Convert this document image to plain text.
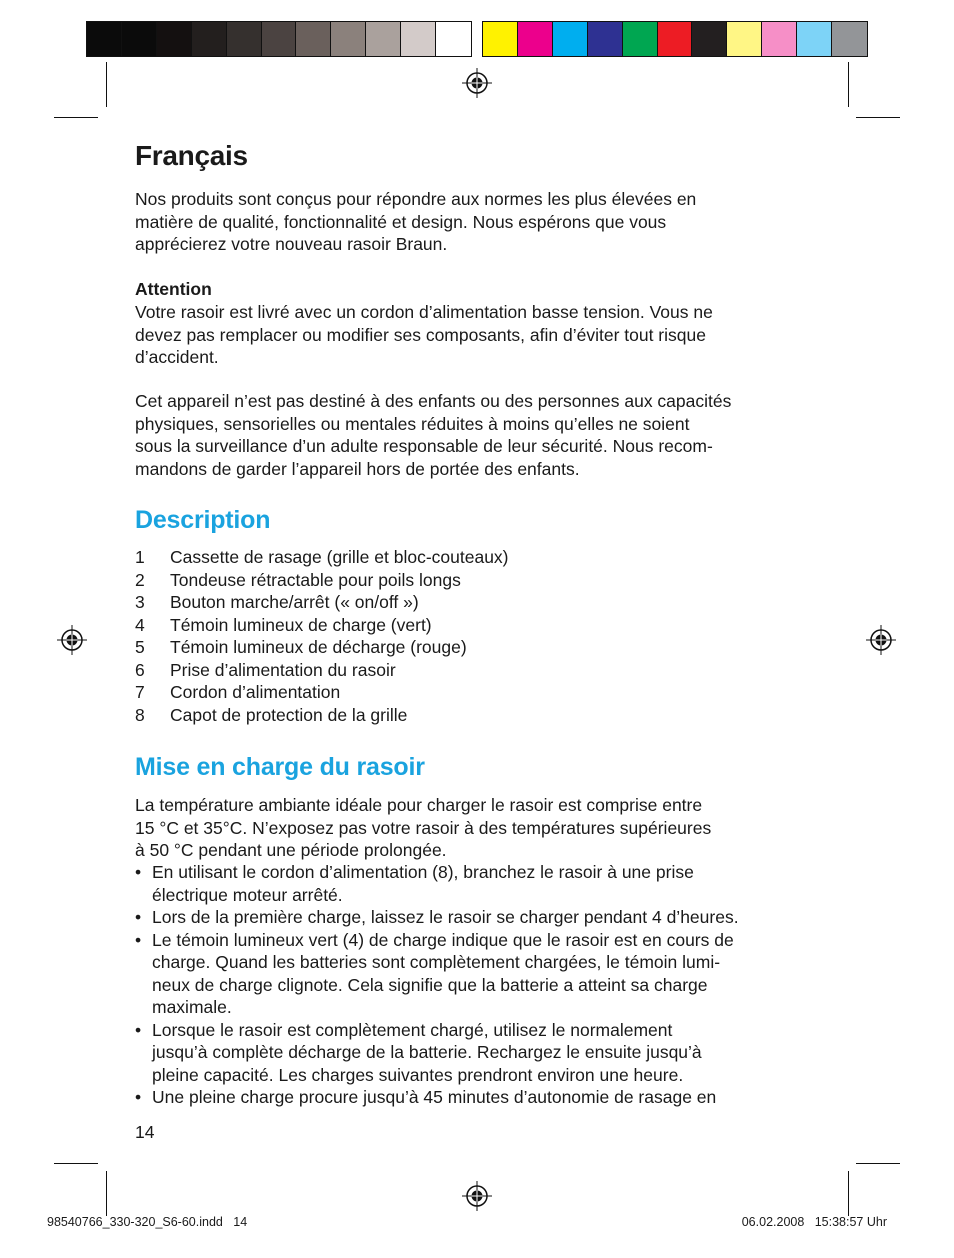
Français

Nos produits sont conçus pour répondre aux normes les plus élevées en
matière de qualité, fonctionnalité et design. Nous espérons que vous
apprécierez votre nouveau rasoir Braun.

Attention

Votre rasoir est livré avec un cordon d’alimentation basse tension. Vous ne
devez pas remplacer ou modifier ses composants, afin d’éviter tout risque
d’accident.

Cet appareil n’est pas destiné à des enfants ou des personnes aux capacités
physiques, sensorielles ou mentales réduites à moins qu’elles ne soient
sous la surveillance d’un adulte responsable de leur sécurité. Nous recom-
mandons de garder l’appareil hors de portée des enfants.

Description
1	Cassette de rasage (grille et bloc-couteaux)
2	Tondeuse rétractable pour poils longs
3	Bouton marche/arrêt (« on/off »)
4	Témoin lumineux de charge (vert)
5	Témoin lumineux de décharge (rouge)
6	Prise d’alimentation du rasoir
7	Cordon d’alimentation
8	Capot de protection de la grille
Mise en charge du rasoir

La température ambiante idéale pour charger le rasoir est comprise entre
15 °C et 35°C. N’exposez pas votre rasoir à des températures supérieures
à 50 °C pendant une période prolongée.

• En utilisant le cordon d’alimentation (8), branchez le rasoir à une prise
électrique moteur arrêté.
• Lors de la première charge, laissez le rasoir se charger pendant 4 d’heures.
• Le témoin lumineux vert (4) de charge indique que le rasoir est en cours de
charge. Quand les batteries sont complètement chargées, le témoin lumi-
neux de charge clignote. Cela signifie que la batterie a atteint sa charge
maximale.
• Lorsque le rasoir est complètement chargé, utilisez le normalement
jusqu’à complète décharge de la batterie. Rechargez le ensuite jusqu’à
pleine capacité. Les charges suivantes prendront environ une heure.
• Une pleine charge procure jusqu’à 45 minutes d’autonomie de rasage en
14
98540766_330-320_S6-60.indd   14	06.02.2008   15:38:57 Uhr
